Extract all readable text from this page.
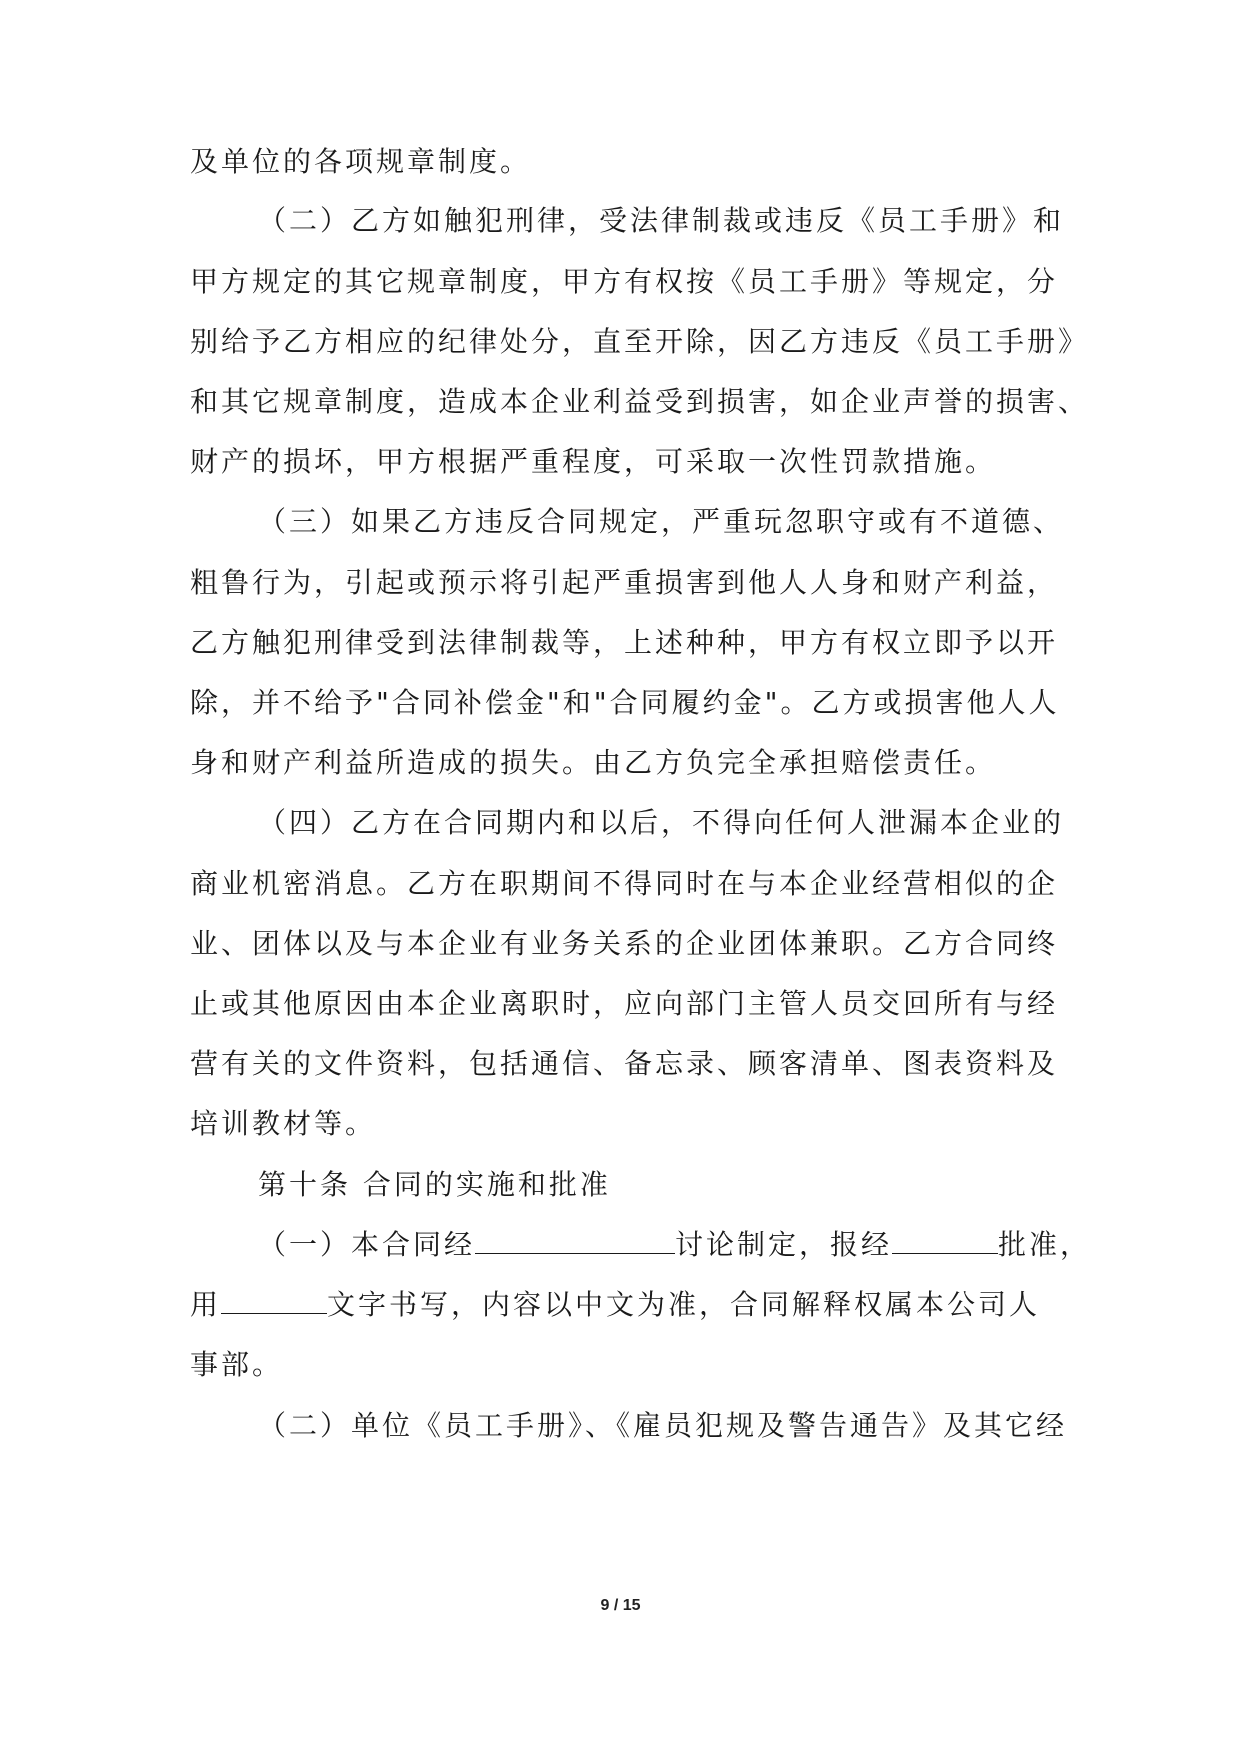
及单位的各项规章制度。
（二）乙方如触犯刑律，受法律制裁或违反《员工手册》和
甲方规定的其它规章制度，甲方有权按《员工手册》等规定，分
别给予乙方相应的纪律处分，直至开除，因乙方违反《员工手册》
和其它规章制度，造成本企业利益受到损害，如企业声誉的损害、
财产的损坏，甲方根据严重程度，可采取一次性罚款措施。
（三）如果乙方违反合同规定，严重玩忽职守或有不道德、
粗鲁行为，引起或预示将引起严重损害到他人人身和财产利益，
乙方触犯刑律受到法律制裁等，上述种种，甲方有权立即予以开
除，并不给予"合同补偿金"和"合同履约金"。乙方或损害他人人
身和财产利益所造成的损失。由乙方负完全承担赔偿责任。
（四）乙方在合同期内和以后，不得向任何人泄漏本企业的
商业机密消息。乙方在职期间不得同时在与本企业经营相似的企
业、团体以及与本企业有业务关系的企业团体兼职。乙方合同终
止或其他原因由本企业离职时，应向部门主管人员交回所有与经
营有关的文件资料，包括通信、备忘录、顾客清单、图表资料及
培训教材等。
第十条 合同的实施和批准
（一）本合同经	讨论制定，报经	批准，
用	文字书写，内容以中文为准，合同解释权属本公司人
事部。
（二）单位《员工手册》、《雇员犯规及警告通告》及其它经
9 / 15
